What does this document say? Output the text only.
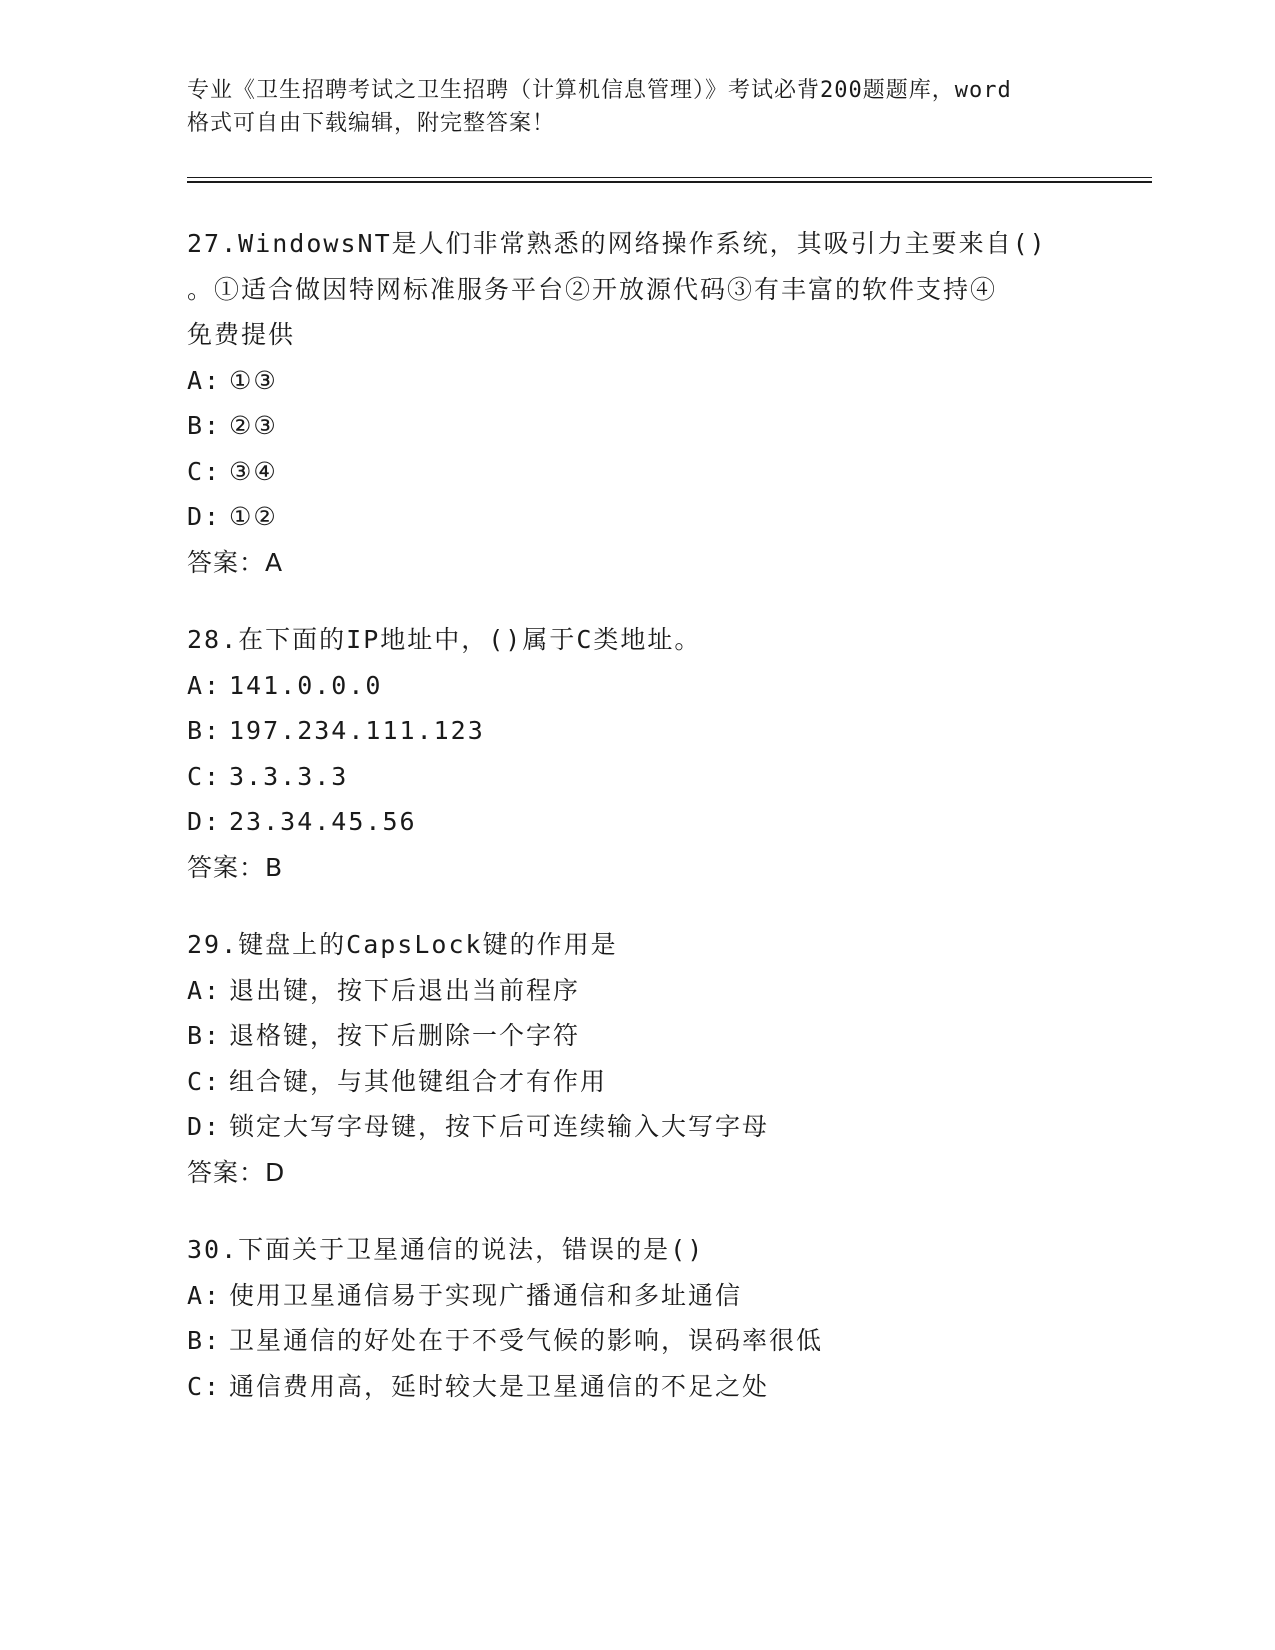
专业《卫生招聘考试之卫生招聘（计算机信息管理）》考试必背200题题库，word
格式可自由下载编辑，附完整答案！
27.WindowsNT是人们非常熟悉的网络操作系统，其吸引力主要来自()
。①适合做因特网标准服务平台②开放源代码③有丰富的软件支持④
免费提供
A: ①③
B: ②③
C: ③④
D: ①②
答案：A
28.在下面的IP地址中，()属于C类地址。
A: 141.0.0.0
B: 197.234.111.123
C: 3.3.3.3
D: 23.34.45.56
答案：B
29.键盘上的CapsLock键的作用是
A: 退出键，按下后退出当前程序
B: 退格键，按下后删除一个字符
C: 组合键，与其他键组合才有作用
D: 锁定大写字母键，按下后可连续输入大写字母
答案：D
30.下面关于卫星通信的说法，错误的是()
A: 使用卫星通信易于实现广播通信和多址通信
B: 卫星通信的好处在于不受气候的影响，误码率很低
C: 通信费用高，延时较大是卫星通信的不足之处
